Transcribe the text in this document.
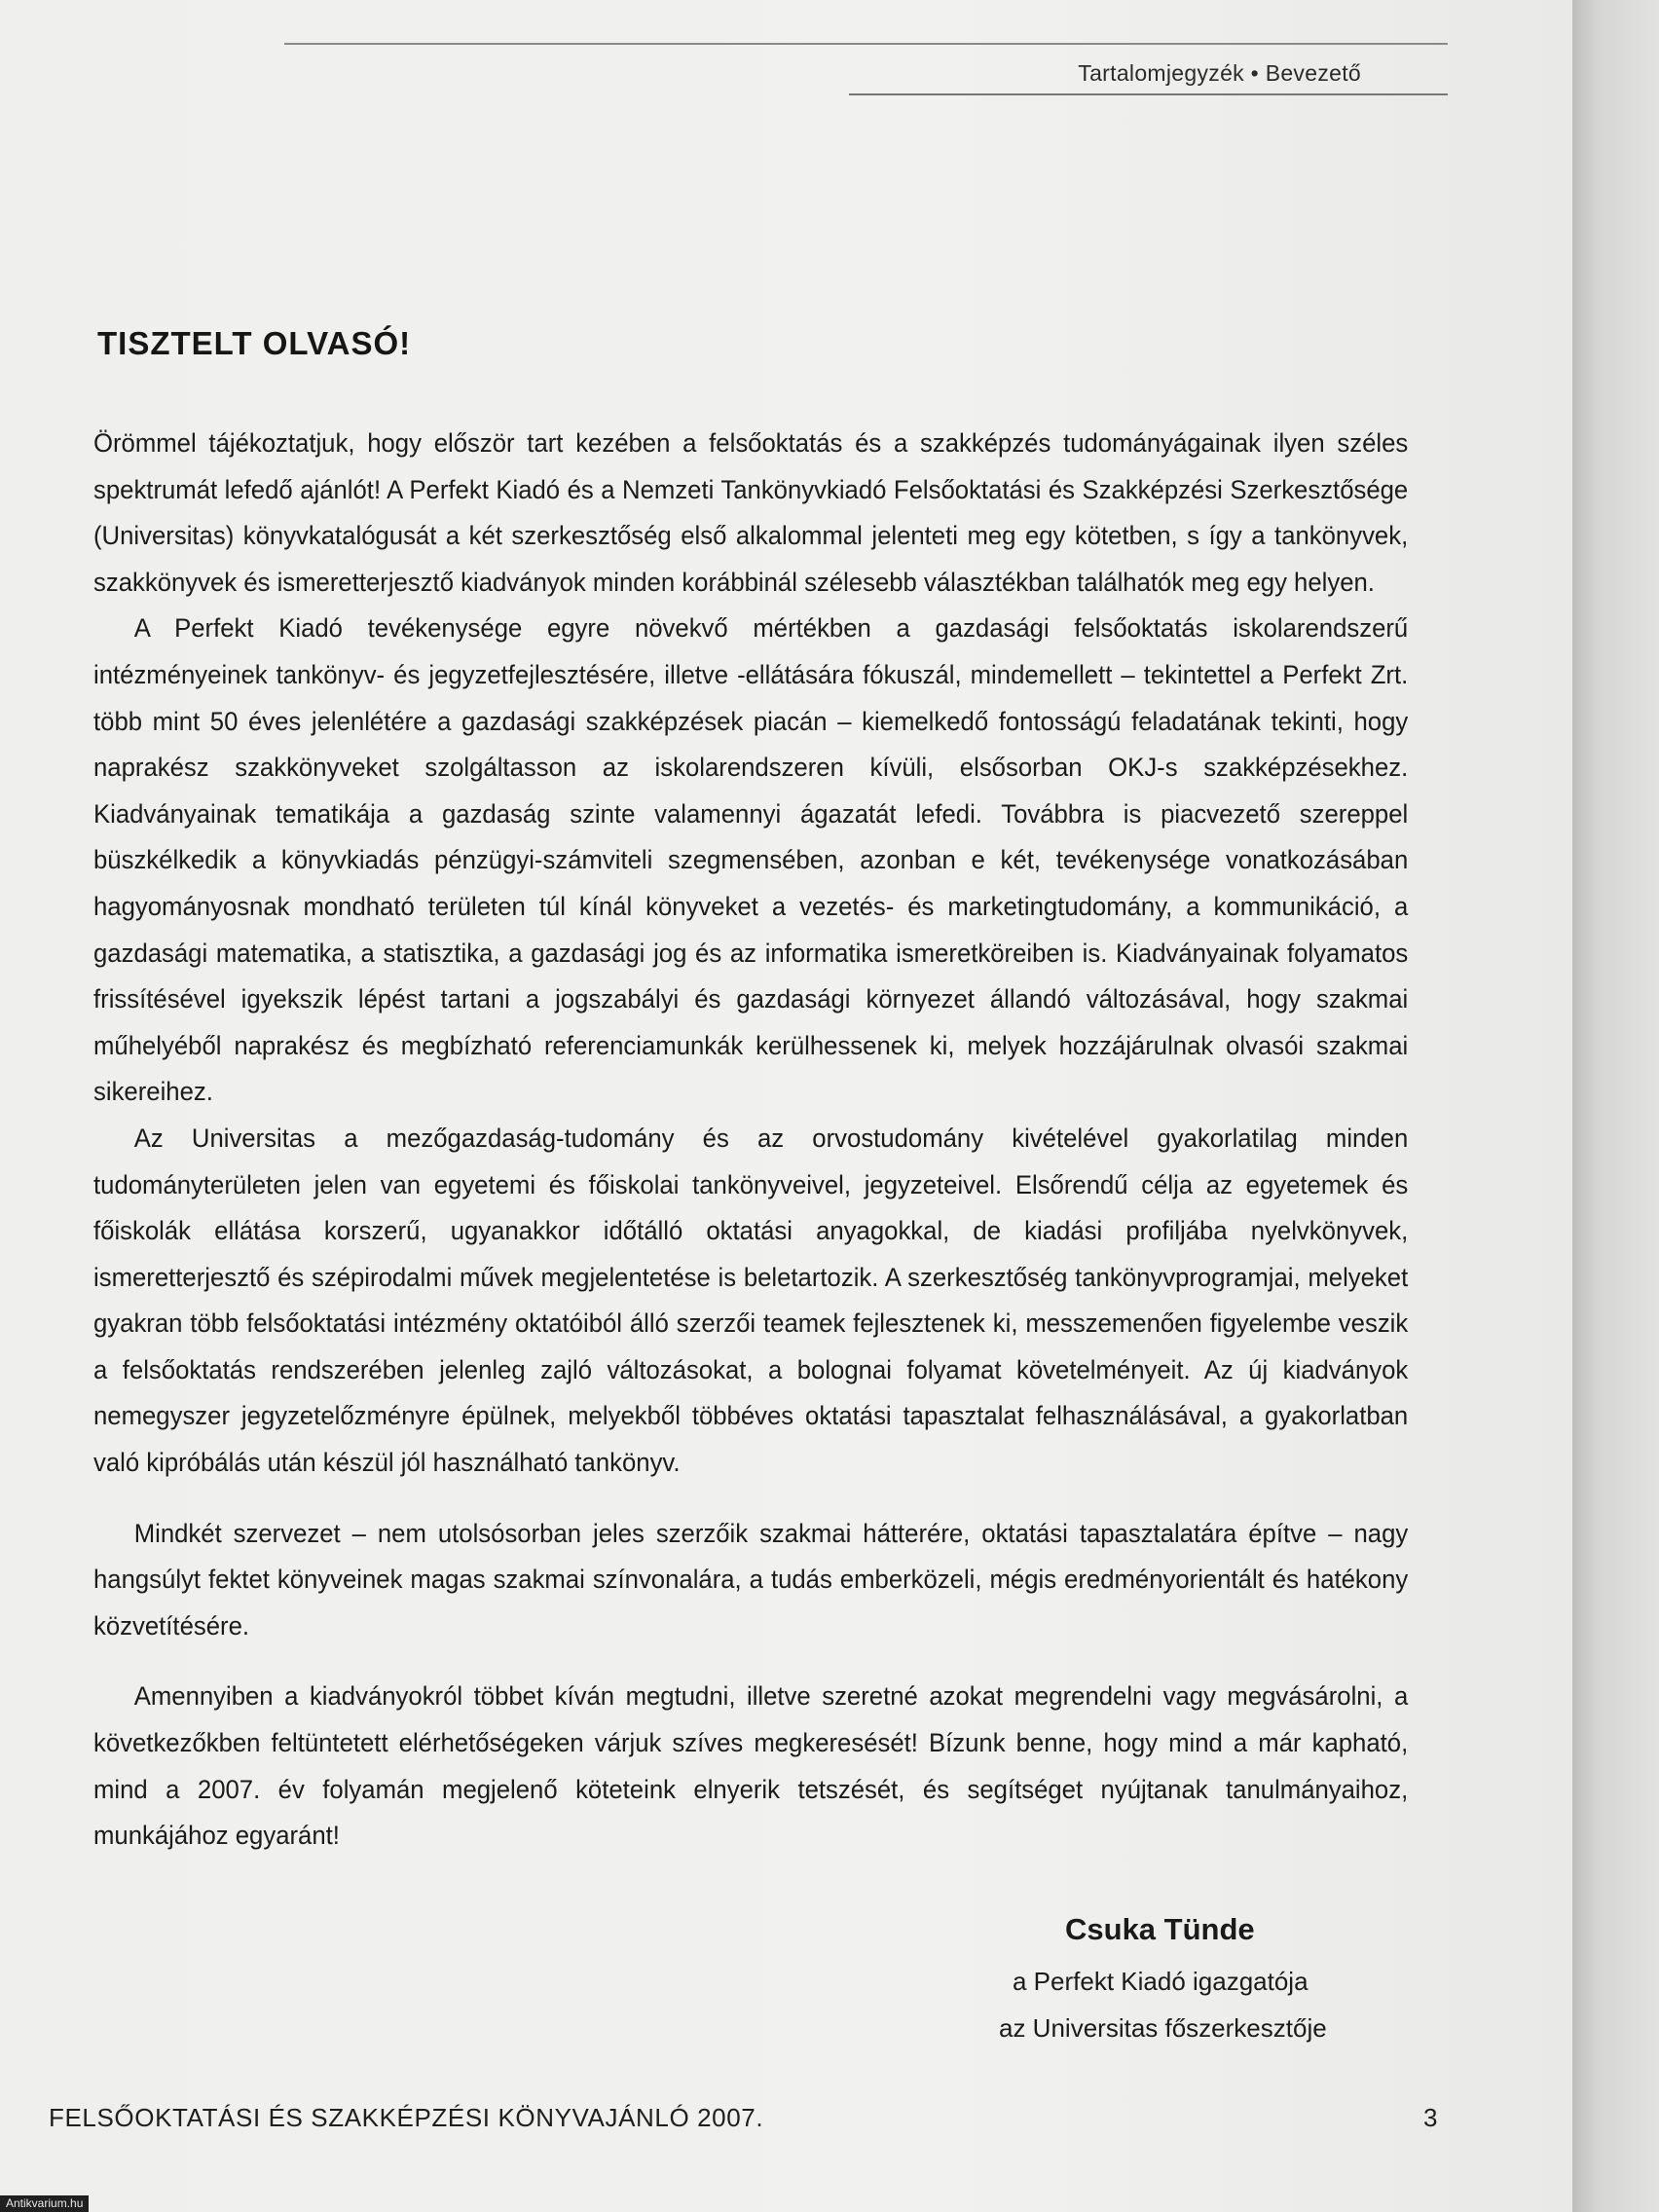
Tartalomjegyzék • Bevezető
TISZTELT OLVASÓ!

Örömmel tájékoztatjuk, hogy először tart kezében a felsőoktatás és a szakképzés tudományágainak ilyen széles spektrumát lefedő ajánlót! A Perfekt Kiadó és a Nemzeti Tankönyvkiadó Felsőoktatási és Szakképzési Szerkesztősége (Universitas) könyvkatalógusát a két szerkesztőség első alkalommal jelenteti meg egy kötetben, s így a tankönyvek, szakkönyvek és ismeretterjesztő kiadványok minden korábbinál szélesebb választékban találhatók meg egy helyen.

A Perfekt Kiadó tevékenysége egyre növekvő mértékben a gazdasági felsőoktatás iskolarendszerű intézményeinek tankönyv- és jegyzetfejlesztésére, illetve -ellátására fókuszál, mindemellett – tekintettel a Perfekt Zrt. több mint 50 éves jelenlétére a gazdasági szakképzések piacán – kiemelkedő fontosságú feladatának tekinti, hogy naprakész szakkönyveket szolgáltasson az iskolarendszeren kívüli, elsősorban OKJ-s szakképzésekhez. Kiadványainak tematikája a gazdaság szinte valamennyi ágazatát lefedi. Továbbra is piacvezető szereppel büszkélkedik a könyvkiadás pénzügyi-számviteli szegmensében, azonban e két, tevékenysége vonatkozásában hagyományosnak mondható területen túl kínál könyveket a vezetés- és marketingtudomány, a kommunikáció, a gazdasági matematika, a statisztika, a gazdasági jog és az informatika ismeretköreiben is. Kiadványainak folyamatos frissítésével igyekszik lépést tartani a jogszabályi és gazdasági környezet állandó változásával, hogy szakmai műhelyéből naprakész és megbízható referenciamunkák kerülhessenek ki, melyek hozzájárulnak olvasói szakmai sikereihez.

Az Universitas a mezőgazdaság-tudomány és az orvostudomány kivételével gyakorlatilag minden tudományterületen jelen van egyetemi és főiskolai tankönyveivel, jegyzeteivel. Elsőrendű célja az egyetemek és főiskolák ellátása korszerű, ugyanakkor időtálló oktatási anyagokkal, de kiadási profiljába nyelvkönyvek, ismeretterjesztő és szépirodalmi művek megjelentetése is beletartozik. A szerkesztőség tankönyvprogramjai, melyeket gyakran több felsőoktatási intézmény oktatóiból álló szerzői teamek fejlesztenek ki, messzemenően figyelembe veszik a felsőoktatás rendszerében jelenleg zajló változásokat, a bolognai folyamat követelményeit. Az új kiadványok nemegyszer jegyzetelőzményre épülnek, melyekből többéves oktatási tapasztalat felhasználásával, a gyakorlatban való kipróbálás után készül jól használható tankönyv.

Mindkét szervezet – nem utolsósorban jeles szerzőik szakmai hátterére, oktatási tapasztalatára építve – nagy hangsúlyt fektet könyveinek magas szakmai színvonalára, a tudás emberközeli, mégis eredményorientált és hatékony közvetítésére.

Amennyiben a kiadványokról többet kíván megtudni, illetve szeretné azokat megrendelni vagy megvásárolni, a következőkben feltüntetett elérhetőségeken várjuk szíves megkeresését! Bízunk benne, hogy mind a már kapható, mind a 2007. év folyamán megjelenő köteteink elnyerik tetszését, és segítséget nyújtanak tanulmányaihoz, munkájához egyaránt!

Csuka Tünde
a Perfekt Kiadó igazgatója
az Universitas főszerkesztője
FELSŐOKTATÁSI ÉS SZAKKÉPZÉSI KÖNYVAJÁNLÓ 2007.	3
Antikvarium.hu
